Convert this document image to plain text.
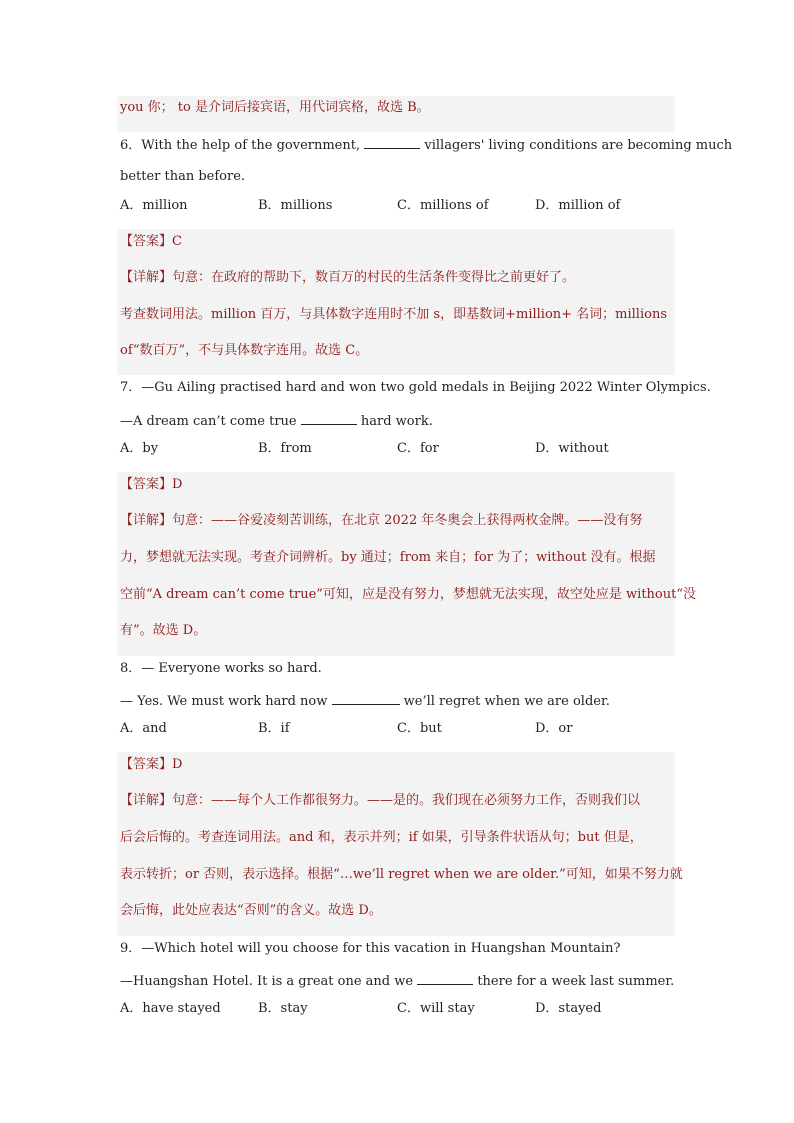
you 你； to 是介词后接宾语，用代词宾格，故选 B。
6．With the help of the government,	villagers' living conditions are becoming much
better than before.
A．million	B．millions	C．millions of	D．million of
【答案】C
【详解】句意：在政府的帮助下，数百万的村民的生活条件变得比之前更好了。
考查数词用法。million 百万，与具体数字连用时不加 s，即基数词+million+ 名词；millions
of“数百万”，不与具体数字连用。故选 C。
7．—Gu Ailing practised hard and won two gold medals in Beijing 2022 Winter Olympics.
—A dream can’t come true	hard work.
A．by	B．from	C．for	D．without
【答案】D
【详解】句意：——谷爱凌刻苦训练，在北京 2022 年冬奥会上获得两枚金牌。——没有努
力，梦想就无法实现。考查介词辨析。by 通过；from 来自；for 为了；without 没有。根据
空前“A dream can’t come true”可知，应是没有努力，梦想就无法实现，故空处应是 without“没
有”。故选 D。
8．— Everyone works so hard.
— Yes. We must work hard now	we’ll regret when we are older.
A．and	B．if	C．but	D．or
【答案】D
【详解】句意：——每个人工作都很努力。——是的。我们现在必须努力工作，否则我们以
后会后悔的。考查连词用法。and 和，表示并列；if 如果，引导条件状语从句；but 但是，
表示转折；or 否则，表示选择。根据“…we’ll regret when we are older.”可知，如果不努力就
会后悔，此处应表达“否则”的含义。故选 D。
9．—Which hotel will you choose for this vacation in Huangshan Mountain?
—Huangshan Hotel. It is a great one and we	there for a week last summer.
A．have stayed	B．stay	C．will stay	D．stayed
